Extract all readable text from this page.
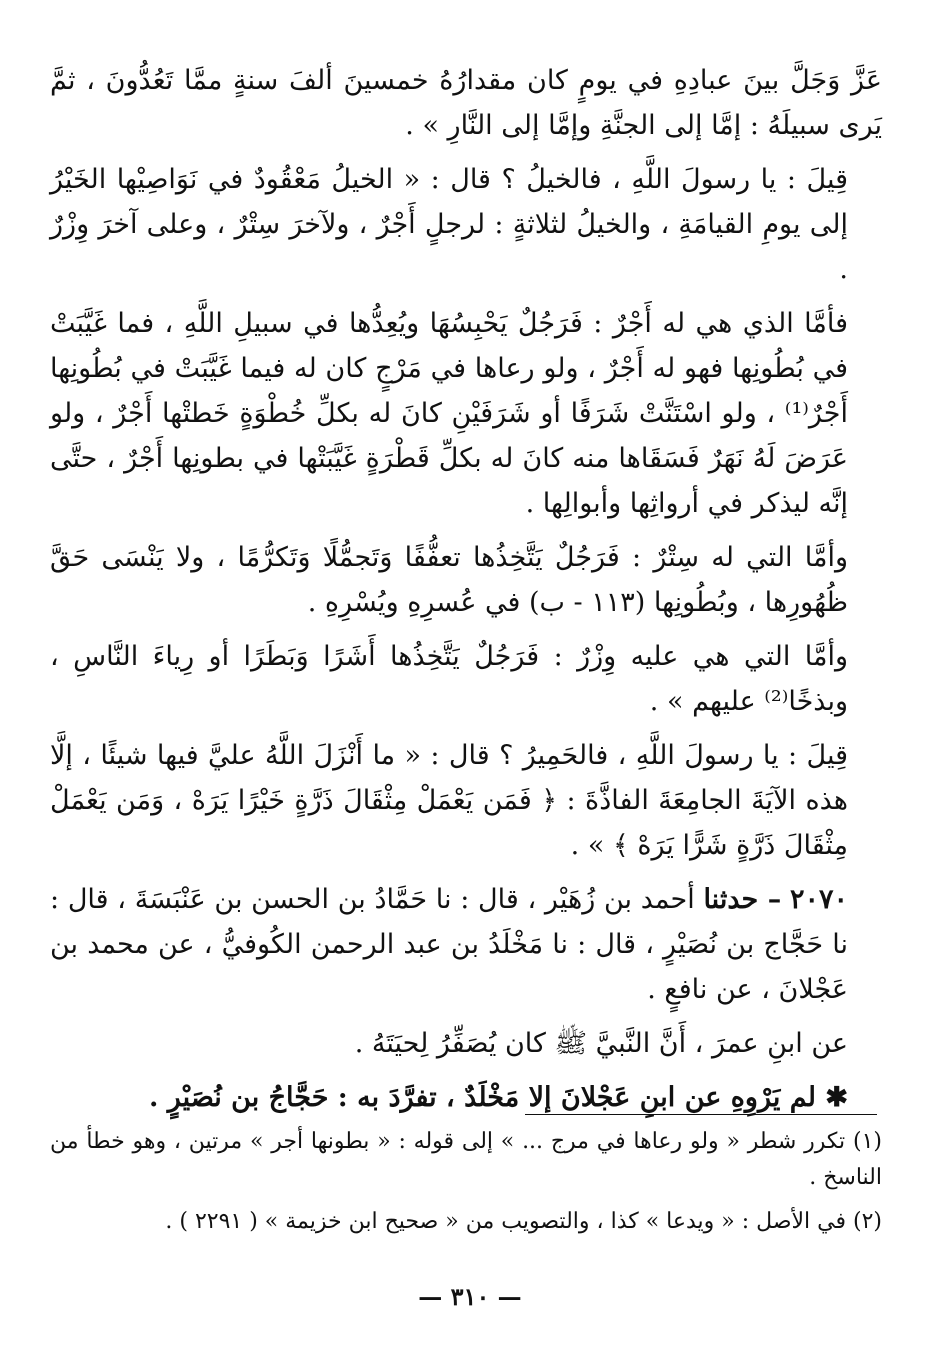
عَزَّ وَجَلَّ بينَ عبادِهِ في يومٍ كان مقدارُهُ خمسينَ ألفَ سنةٍ ممَّا تَعُدُّونَ ، ثمَّ يَرى سبيلَهُ : إمَّا إلى الجنَّةِ وإمَّا إلى النَّارِ » .

قِيلَ : يا رسولَ اللَّهِ ، فالخيلُ ؟ قال : « الخيلُ مَعْقُودٌ في نَوَاصِيْها الخَيْرُ إلى يومِ القيامَةِ ، والخيلُ لثلاثةٍ : لرجلٍ أَجْرٌ ، ولآخرَ سِتْرٌ ، وعلى آخرَ وِزْرٌ .

فأمَّا الذي هي له أَجْرٌ : فَرَجُلٌ يَحْبِسُهَا ويُعِدُّها في سبيلِ اللَّهِ ، فما غَيَّبَتْ في بُطُونِها فهو له أَجْرٌ ، ولو رعاها في مَرْجٍ كان له فيما غَيَّبَتْ في بُطُونِها أَجْرٌ⁽¹⁾ ، ولو اسْتَنَّتْ شَرَفًا أو شَرَفَيْنِ كانَ له بكلِّ خُطْوَةٍ خَطتْها أَجْرٌ ، ولو عَرَضَ لَهُ نَهَرٌ فَسَقَاها منه كانَ له بكلِّ قَطْرَةٍ غَيَّبَتْها في بطونِها أَجْرٌ ، حتَّى إنَّه ليذكر في أرواثِها وأبوالِها .

وأمَّا التي له سِتْرٌ : فَرَجُلٌ يَتَّخِذُها تعفُّفًا وَتَجمُّلًا وَتَكرُّمًا ، ولا يَنْسَى حَقَّ ظُهُورِها ، وبُطُونِها (١١٣ - ب) في عُسرِهِ ويُسْرِهِ .

وأمَّا التي هي عليه وِزْرٌ : فَرَجُلٌ يَتَّخِذُها أَشَرًا وَبَطَرًا أو رِياءَ النَّاسِ ، وبذخًا⁽²⁾ عليهم » .

قِيلَ : يا رسولَ اللَّهِ ، فالحَمِيرُ ؟ قال : « ما أَنْزَلَ اللَّهُ عليَّ فيها شيئًا ، إلَّا هذه الآيَةَ الجامِعَةَ الفاذَّةَ : ﴿ فَمَن يَعْمَلْ مِثْقَالَ ذَرَّةٍ خَيْرًا يَرَهْ ، وَمَن يَعْمَلْ مِثْقَالَ ذَرَّةٍ شَرًّا يَرَهْ ﴾ » .

٢٠٧٠ – حدثنا أحمد بن زُهَيْر ، قال : نا حَمَّادُ بن الحسن بن عَنْبَسَةَ ، قال : نا حَجَّاج بن نُصَيْرٍ ، قال : نا مَخْلَدُ بن عبد الرحمن الكُوفيُّ ، عن محمد بن عَجْلانَ ، عن نافعٍ .

عن ابنِ عمرَ ، أَنَّ النَّبيَّ ﷺ كان يُصَفِّرُ لِحيَتَهُ .

✱ لم يَرْوِهِ عن ابنِ عَجْلانَ إلا مَخْلَدٌ ، تفرَّدَ به : حَجَّاجُ بن نُصَيْرٍ .

(١) تكرر شطر « ولو رعاها في مرج ... » إلى قوله : « بطونها أجر » مرتين ، وهو خطأ من الناسخ .

(٢) في الأصل : « ويدعا » كذا ، والتصويب من « صحيح ابن خزيمة » ( ٢٢٩١ ) .

— ٣١٠ —
